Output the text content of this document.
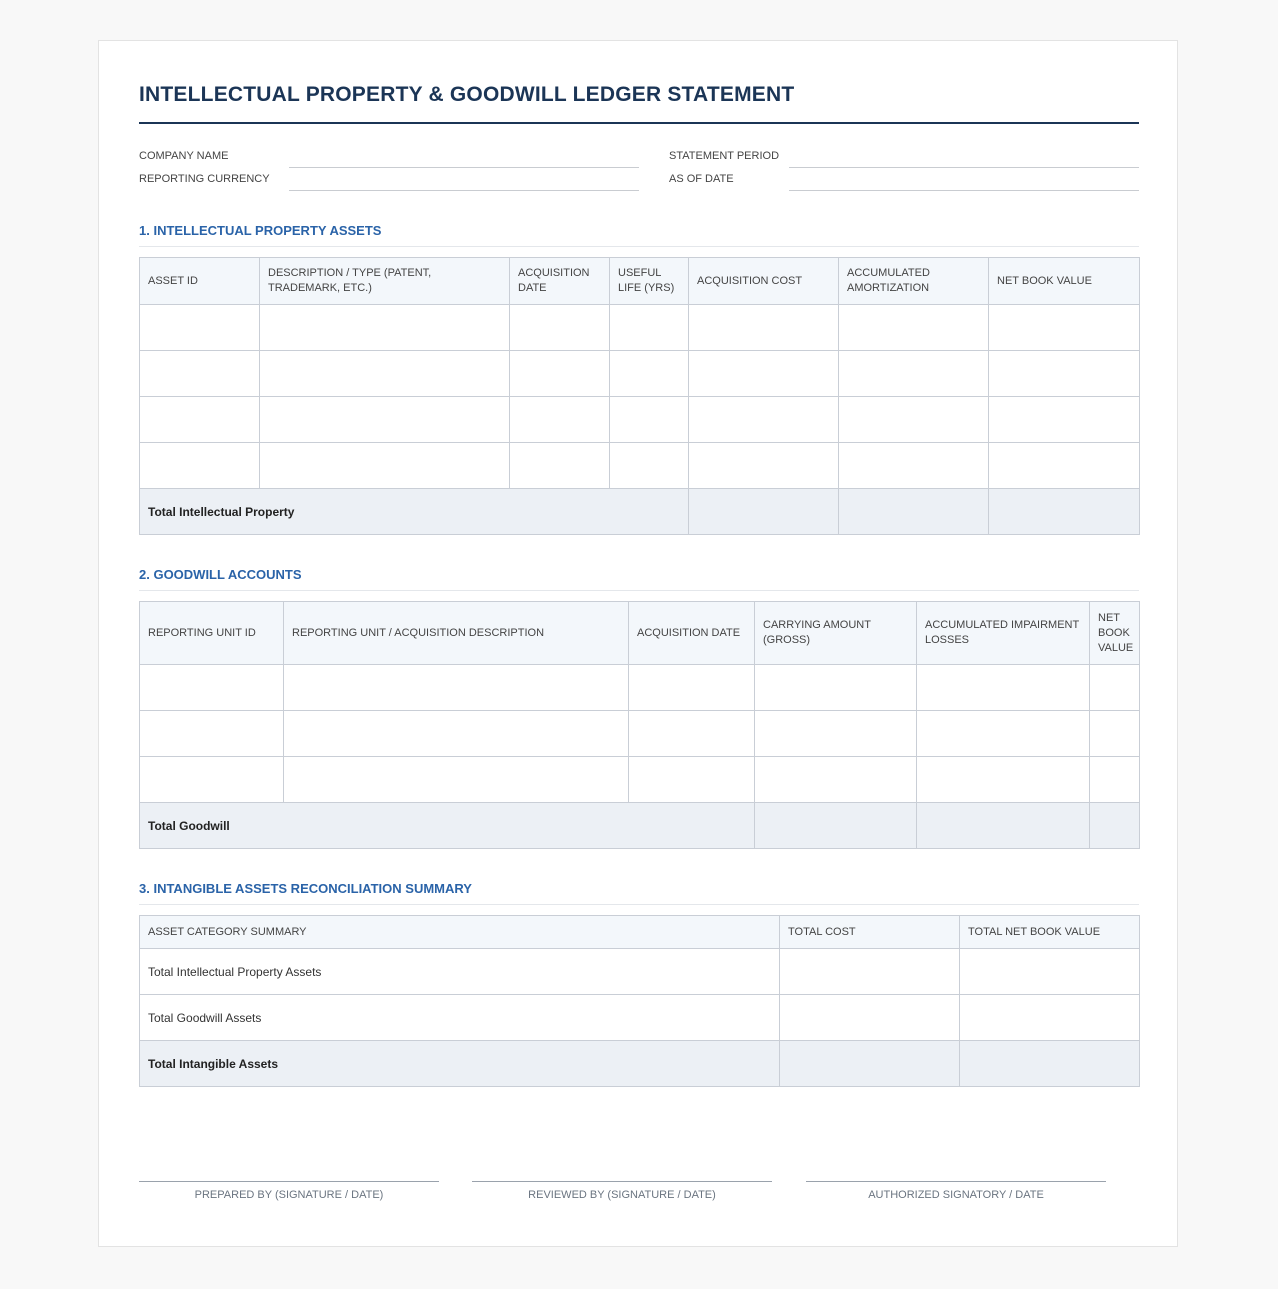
INTELLECTUAL PROPERTY & GOODWILL LEDGER STATEMENT
COMPANY NAME	STATEMENT PERIOD
REPORTING CURRENCY	AS OF DATE
1. INTELLECTUAL PROPERTY ASSETS
ASSET ID	DESCRIPTION / TYPE (PATENT, TRADEMARK, ETC.)	ACQUISITION DATE	USEFUL LIFE (YRS)	ACQUISITION COST	ACCUMULATED AMORTIZATION	NET BOOK VALUE

Total Intellectual Property						
2. GOODWILL ACCOUNTS
REPORTING UNIT ID	REPORTING UNIT / ACQUISITION DESCRIPTION	ACQUISITION DATE	CARRYING AMOUNT (GROSS)	ACCUMULATED IMPAIRMENT LOSSES	NET BOOK VALUE

Total Goodwill					
3. INTANGIBLE ASSETS RECONCILIATION SUMMARY
ASSET CATEGORY SUMMARY	TOTAL COST	TOTAL NET BOOK VALUE
Total Intellectual Property Assets		
Total Goodwill Assets		
Total Intangible Assets		
PREPARED BY (SIGNATURE / DATE)	REVIEWED BY (SIGNATURE / DATE)	AUTHORIZED SIGNATORY / DATE
